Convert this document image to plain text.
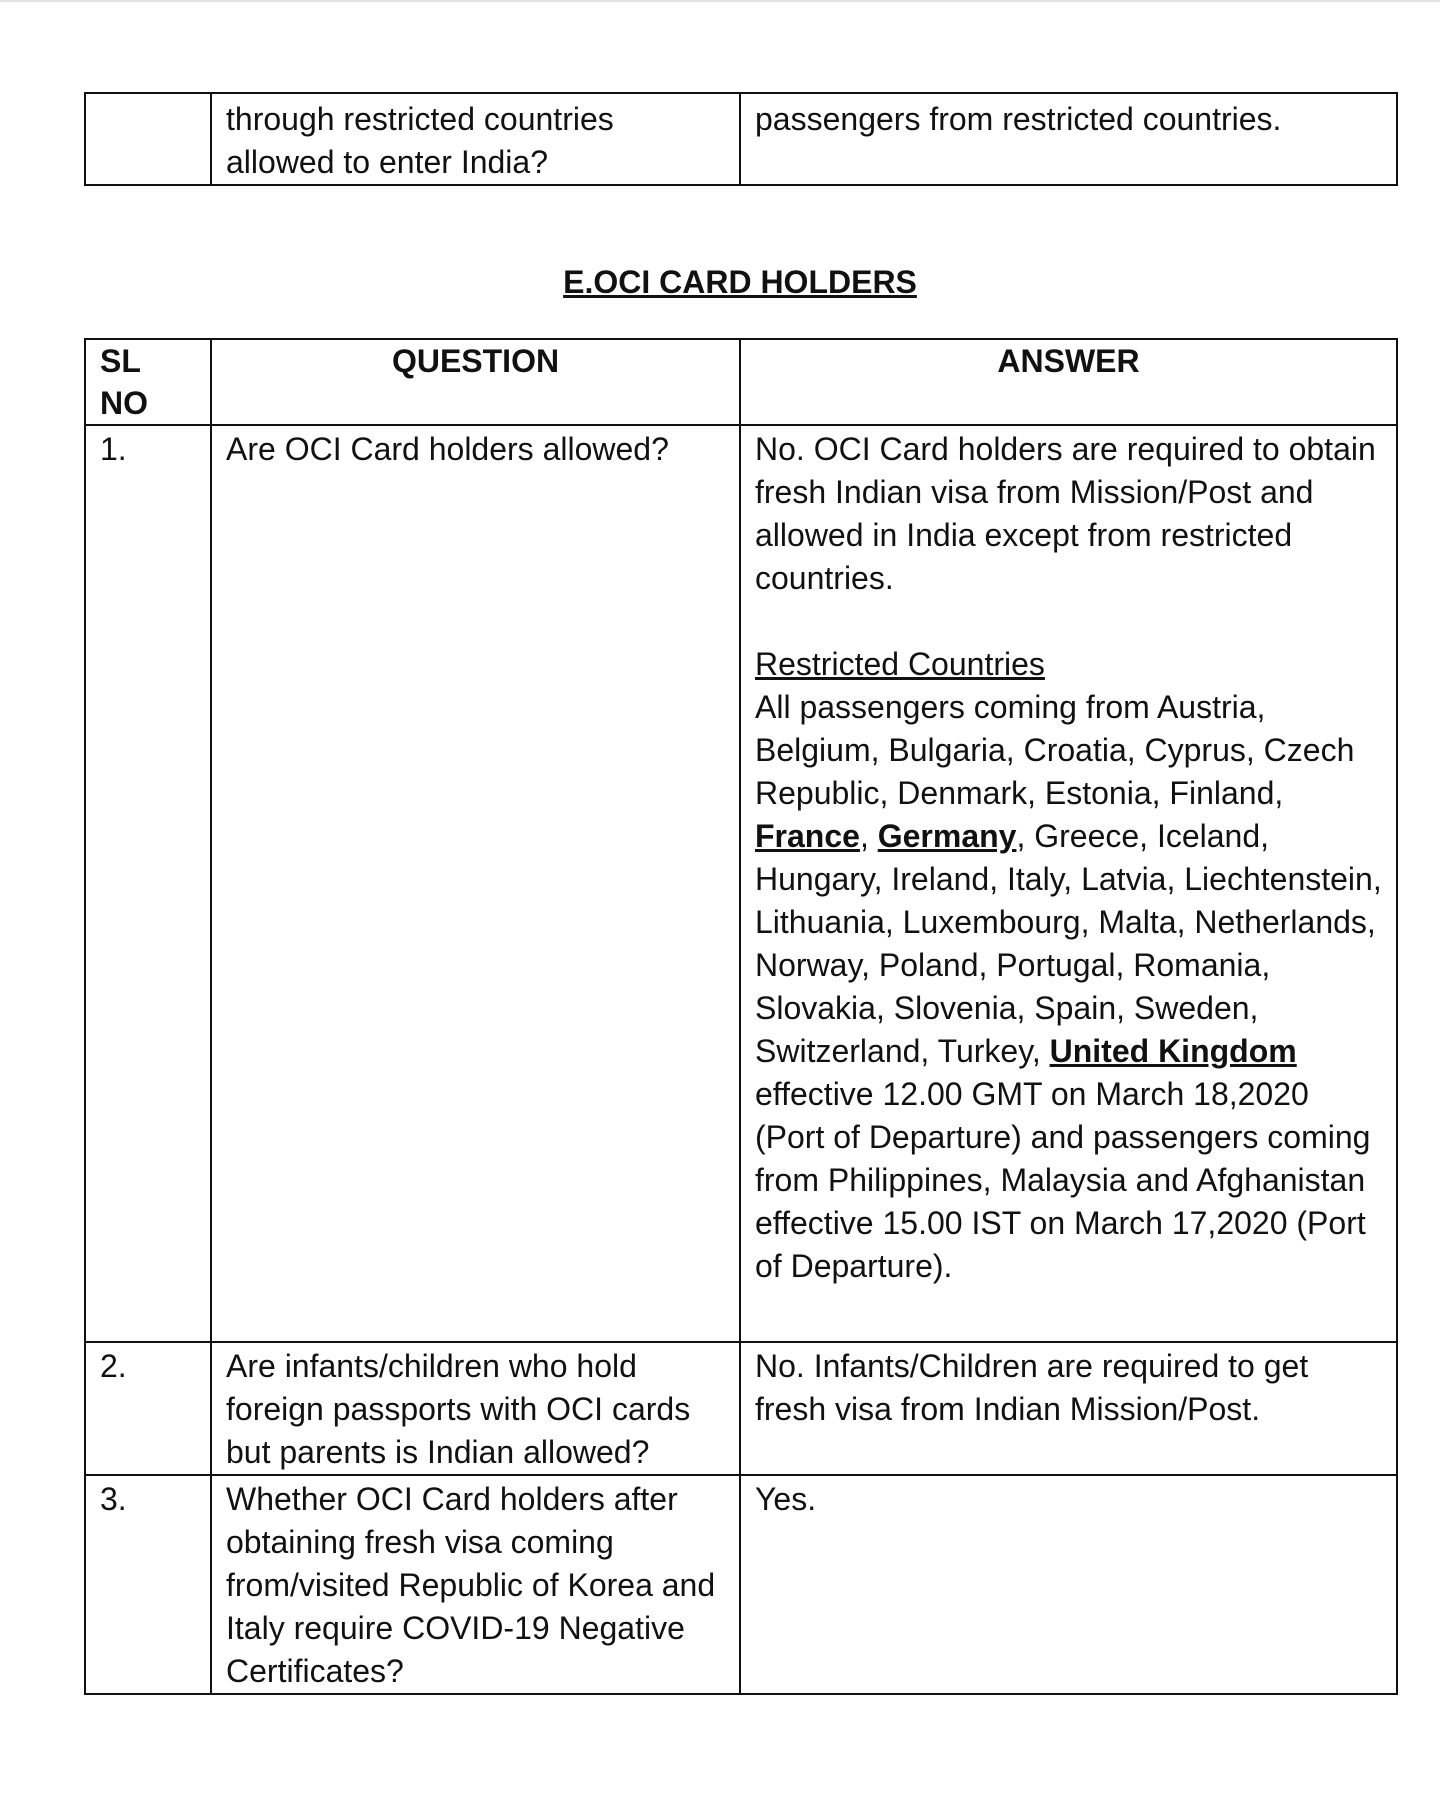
	through restricted countries allowed to enter India?	passengers from restricted countries.
E.OCI CARD HOLDERS
SL NO	QUESTION	ANSWER
1.	Are OCI Card holders allowed?	No. OCI Card holders are required to obtain fresh Indian visa from Mission/Post and allowed in India except from restricted countries.
Restricted Countries
All passengers coming from Austria, Belgium, Bulgaria, Croatia, Cyprus, Czech Republic, Denmark, Estonia, Finland, France, Germany, Greece, Iceland, Hungary, Ireland, Italy, Latvia, Liechtenstein, Lithuania, Luxembourg, Malta, Netherlands, Norway, Poland, Portugal, Romania, Slovakia, Slovenia, Spain, Sweden, Switzerland, Turkey, United Kingdom effective 12.00 GMT on March 18,2020 (Port of Departure) and passengers coming from Philippines, Malaysia and Afghanistan effective 15.00 IST on March 17,2020 (Port of Departure).

2.	Are infants/children who hold foreign passports with OCI cards but parents is Indian allowed?	No. Infants/Children are required to get fresh visa from Indian Mission/Post.
3.	Whether OCI Card holders after obtaining fresh visa coming from/visited Republic of Korea and Italy require COVID-19 Negative Certificates?	Yes.
